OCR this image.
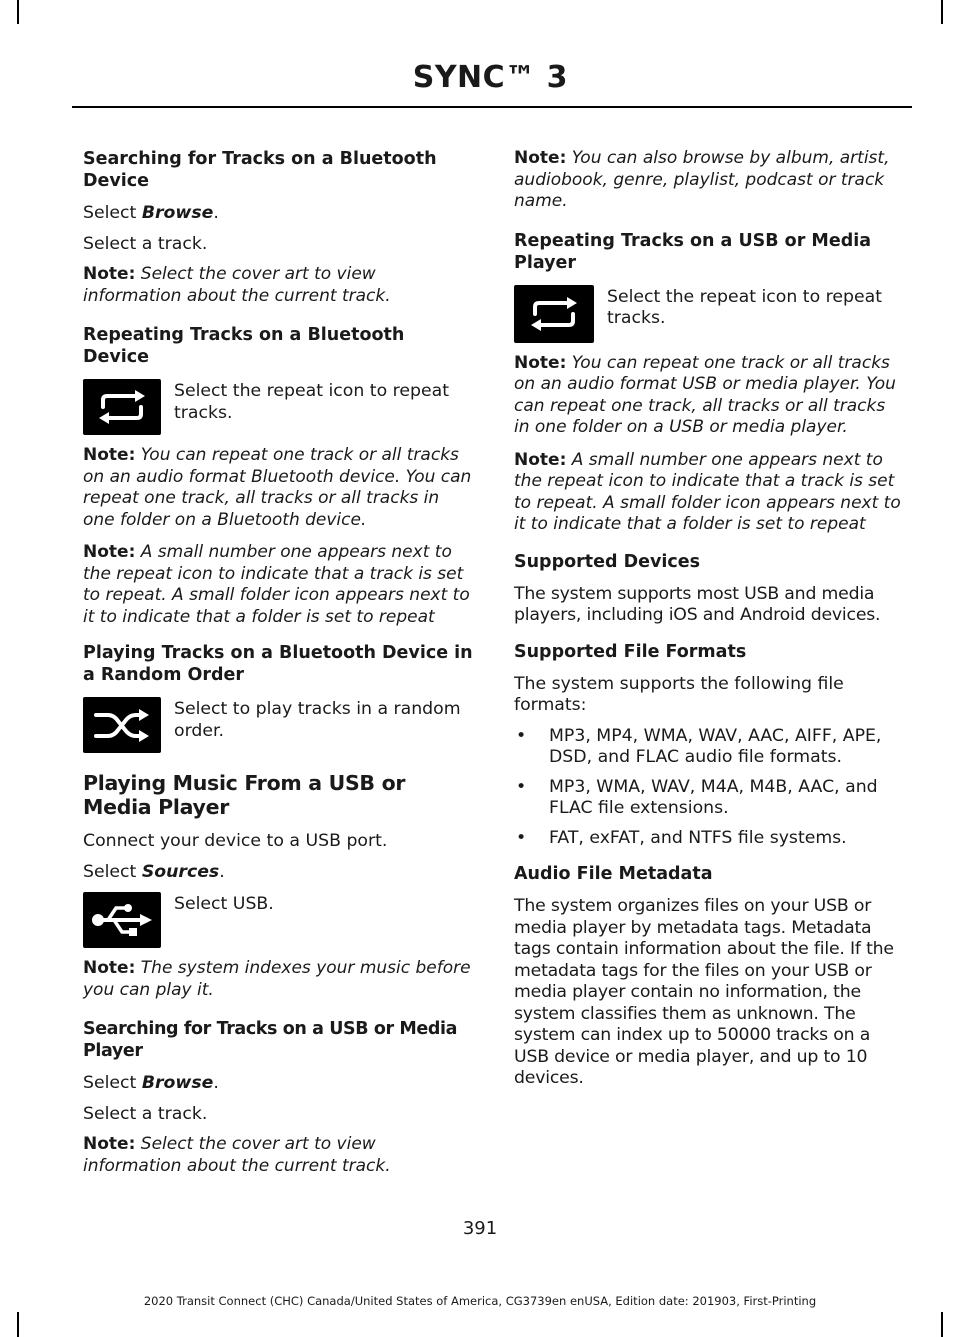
SYNC™ 3
Searching for Tracks on a Bluetooth Device
Select Browse.
Select a track.
Note: Select the cover art to view information about the current track.
Repeating Tracks on a Bluetooth Device
Select the repeat icon to repeat tracks.
Note: You can repeat one track or all tracks on an audio format Bluetooth device. You can repeat one track, all tracks or all tracks in one folder on a Bluetooth device.
Note: A small number one appears next to the repeat icon to indicate that a track is set to repeat. A small folder icon appears next to it to indicate that a folder is set to repeat
Playing Tracks on a Bluetooth Device in a Random Order
Select to play tracks in a random order.
Playing Music From a USB or Media Player
Connect your device to a USB port.
Select Sources.
Select USB.
Note: The system indexes your music before you can play it.
Searching for Tracks on a USB or Media Player
Select Browse.
Select a track.
Note: Select the cover art to view information about the current track.
Note: You can also browse by album, artist, audiobook, genre, playlist, podcast or track name.
Repeating Tracks on a USB or Media Player
Select the repeat icon to repeat tracks.
Note: You can repeat one track or all tracks on an audio format USB or media player. You can repeat one track, all tracks or all tracks in one folder on a USB or media player.
Note: A small number one appears next to the repeat icon to indicate that a track is set to repeat. A small folder icon appears next to it to indicate that a folder is set to repeat
Supported Devices
The system supports most USB and media players, including iOS and Android devices.
Supported File Formats
The system supports the following file formats:
• MP3, MP4, WMA, WAV, AAC, AIFF, APE, DSD, and FLAC audio file formats.
• MP3, WMA, WAV, M4A, M4B, AAC, and FLAC file extensions.
• FAT, exFAT, and NTFS file systems.
Audio File Metadata
The system organizes files on your USB or media player by metadata tags. Metadata tags contain information about the file. If the metadata tags for the files on your USB or media player contain no information, the system classifies them as unknown. The system can index up to 50000 tracks on a USB device or media player, and up to 10 devices.
391
2020 Transit Connect (CHC) Canada/United States of America, CG3739en enUSA, Edition date: 201903, First-Printing
